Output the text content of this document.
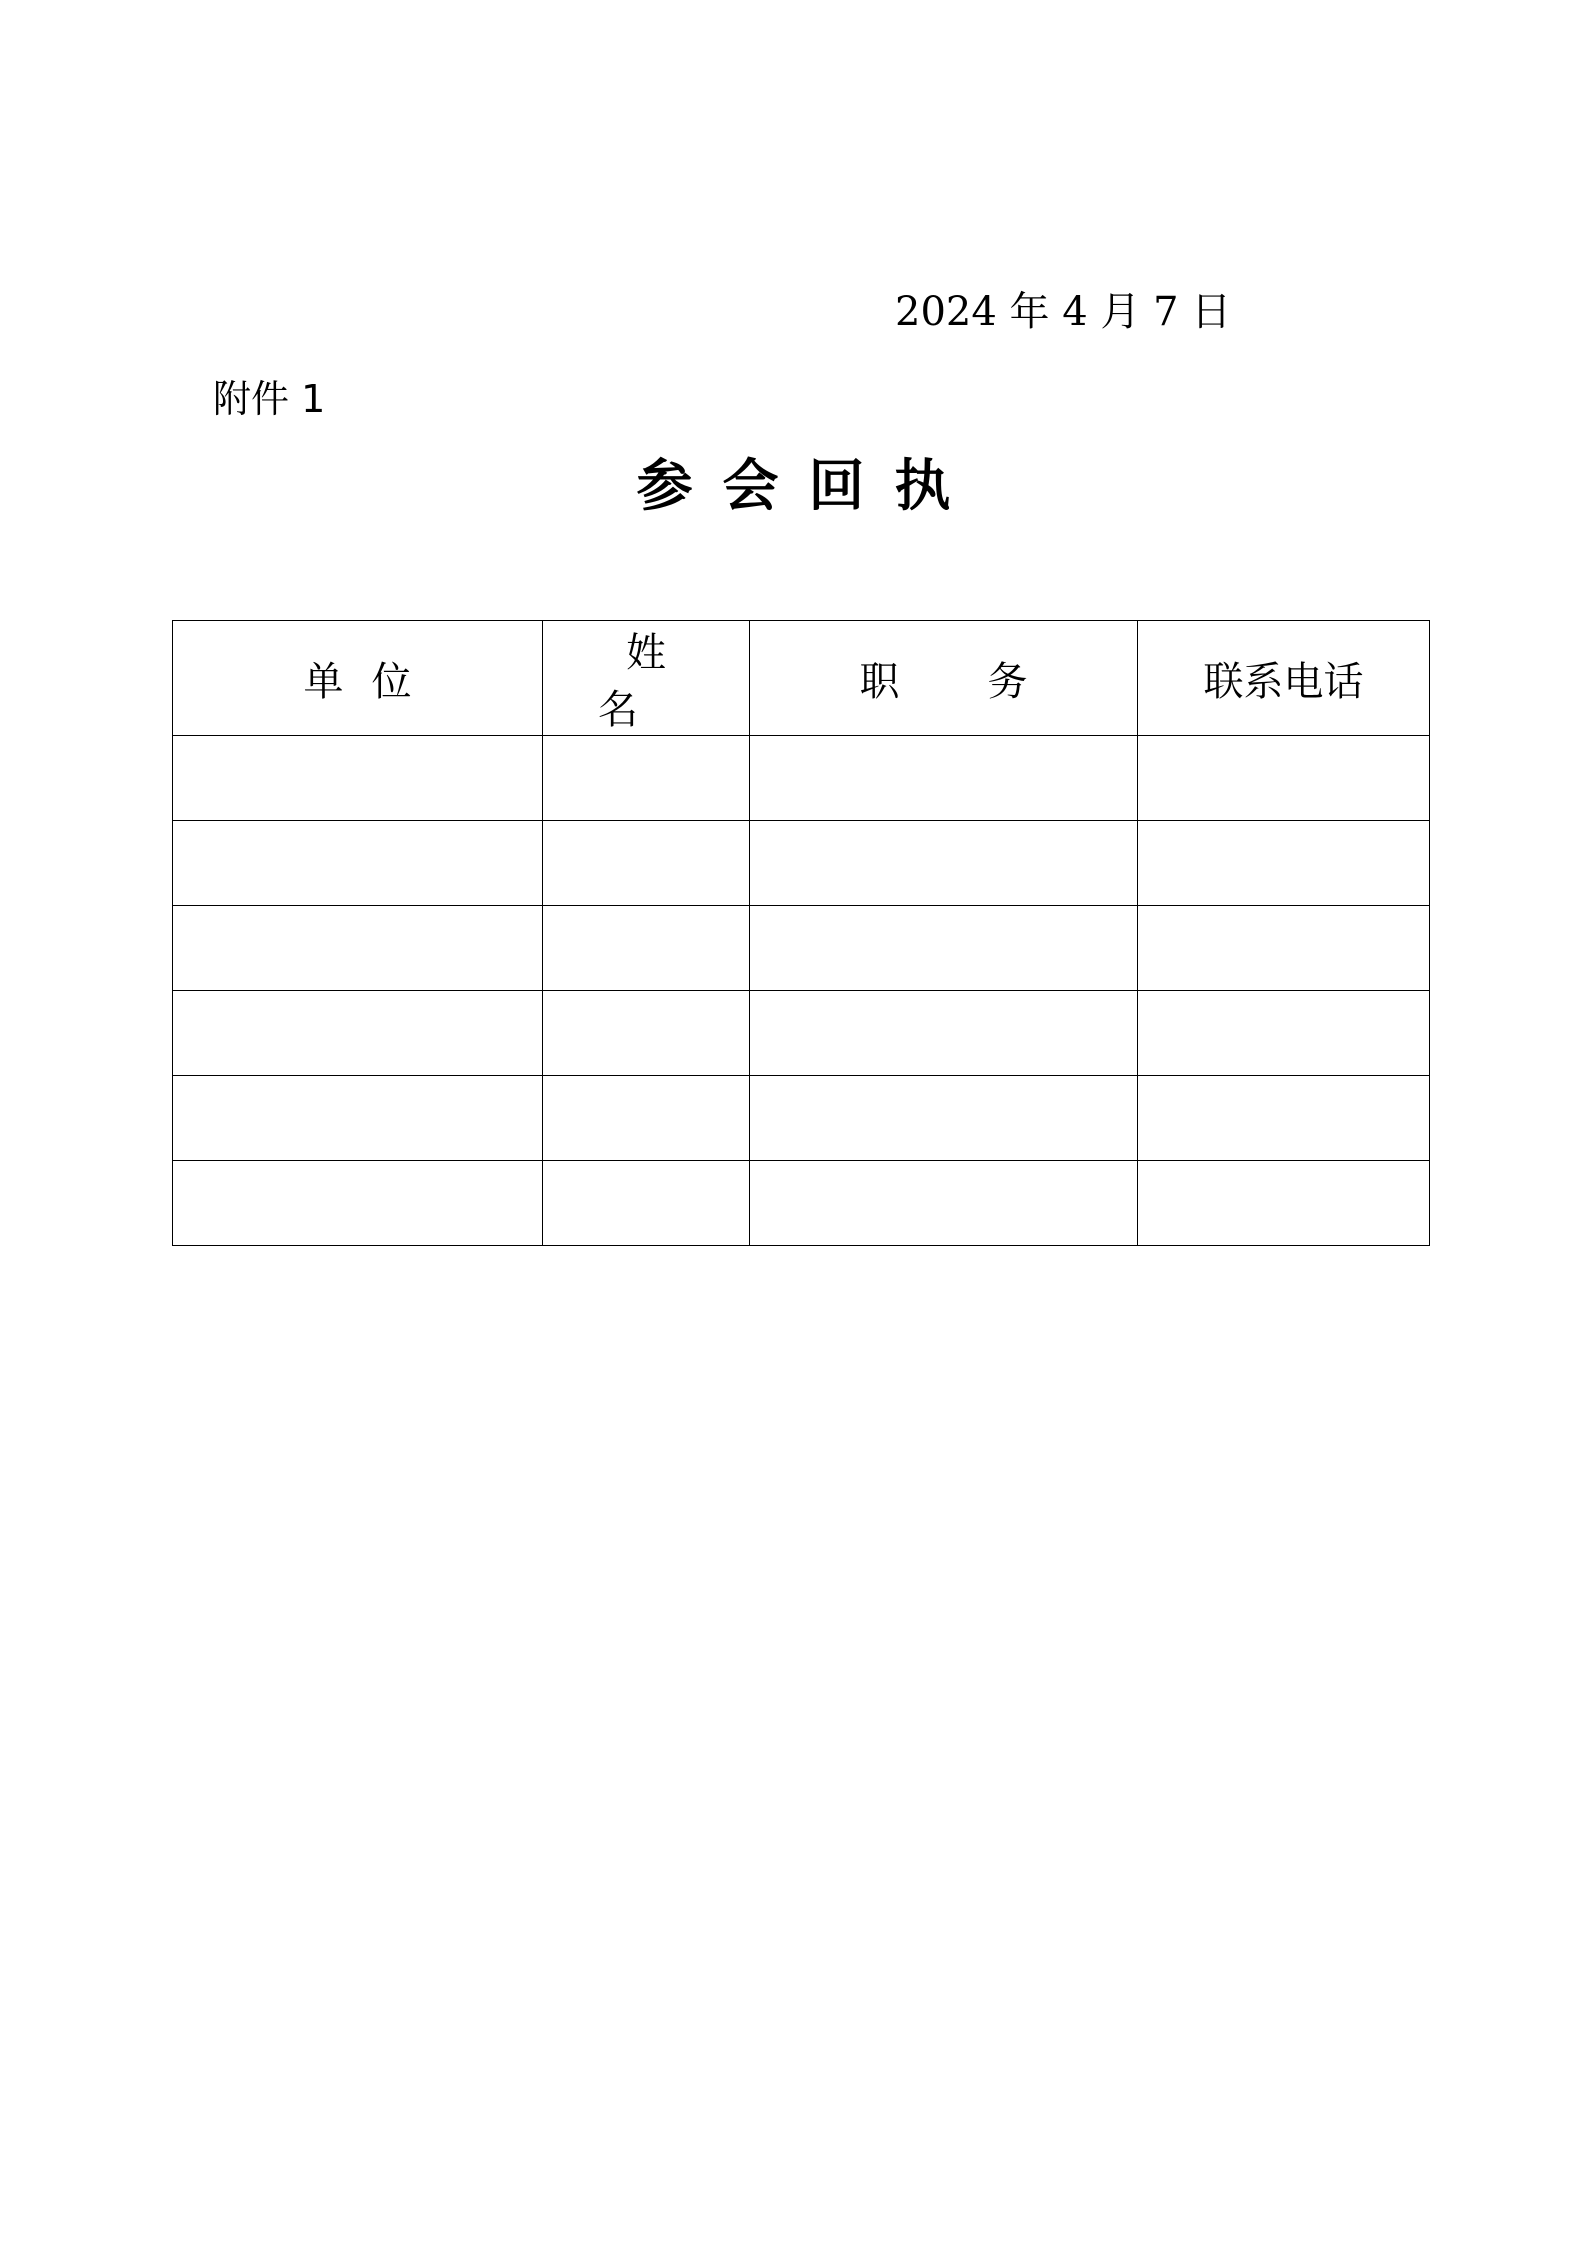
2024 年 4 月 7 日
附件 1
参会回执
单位	姓名	职务	联系电话
